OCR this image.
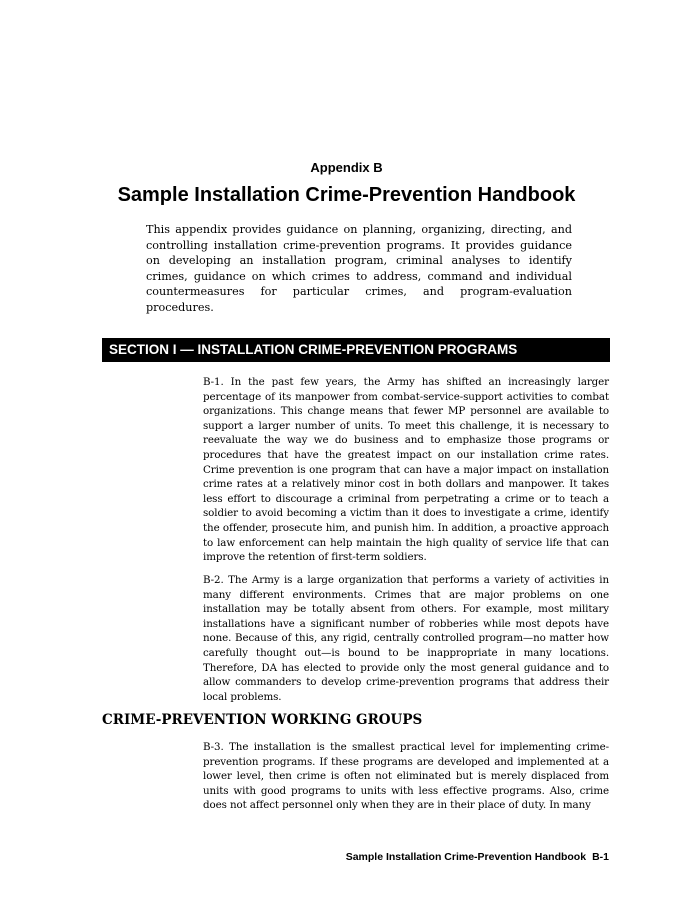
Appendix B
Sample Installation Crime-Prevention Handbook

This appendix provides guidance on planning, organizing, directing, and controlling installation crime-prevention programs. It provides guidance on developing an installation program, criminal analyses to identify crimes, guidance on which crimes to address, command and individual countermeasures for particular crimes, and program-evaluation procedures.

SECTION I — INSTALLATION CRIME-PREVENTION PROGRAMS

B-1. In the past few years, the Army has shifted an increasingly larger percentage of its manpower from combat-service-support activities to combat organizations. This change means that fewer MP personnel are available to support a larger number of units. To meet this challenge, it is necessary to reevaluate the way we do business and to emphasize those programs or procedures that have the greatest impact on our installation crime rates. Crime prevention is one program that can have a major impact on installation crime rates at a relatively minor cost in both dollars and manpower. It takes less effort to discourage a criminal from perpetrating a crime or to teach a soldier to avoid becoming a victim than it does to investigate a crime, identify the offender, prosecute him, and punish him. In addition, a proactive approach to law enforcement can help maintain the high quality of service life that can improve the retention of first-term soldiers.

B-2. The Army is a large organization that performs a variety of activities in many different environments. Crimes that are major problems on one installation may be totally absent from others. For example, most military installations have a significant number of robberies while most depots have none. Because of this, any rigid, centrally controlled program—no matter how carefully thought out—is bound to be inappropriate in many locations. Therefore, DA has elected to provide only the most general guidance and to allow commanders to develop crime-prevention programs that address their local problems.

CRIME-PREVENTION WORKING GROUPS

B-3. The installation is the smallest practical level for implementing crime-prevention programs. If these programs are developed and implemented at a lower level, then crime is often not eliminated but is merely displaced from units with good programs to units with less effective programs. Also, crime does not affect personnel only when they are in their place of duty. In many

Sample Installation Crime-Prevention Handbook B-1
